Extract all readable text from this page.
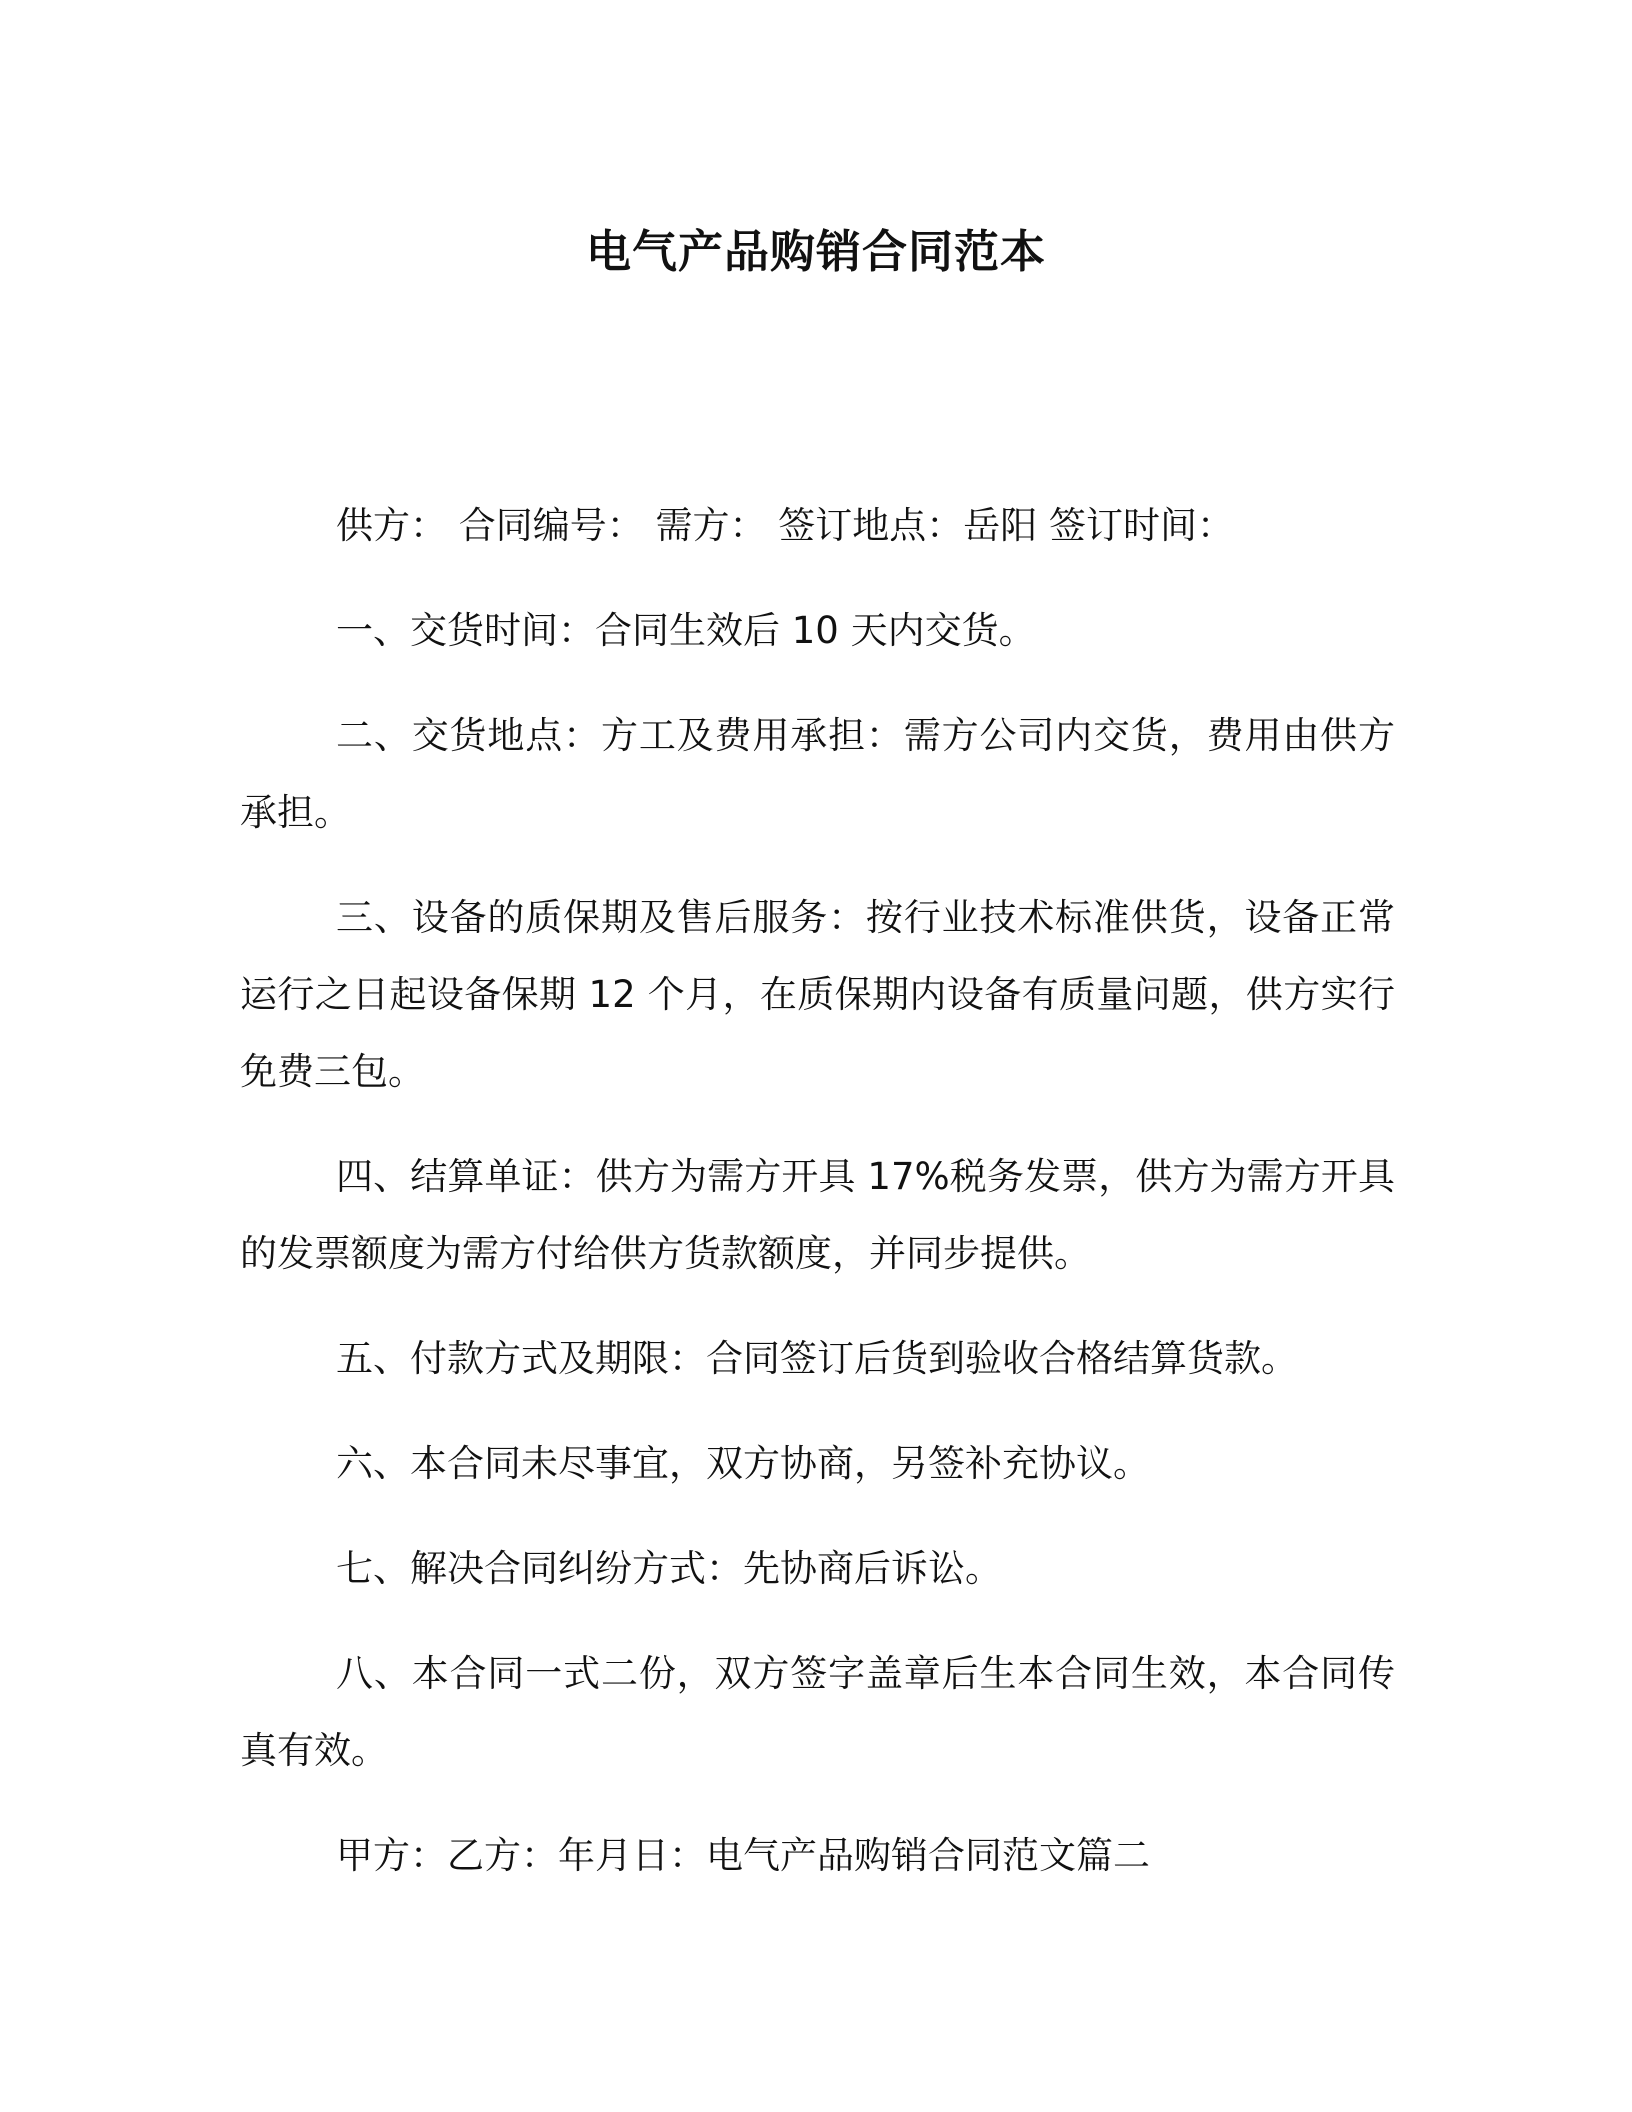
电气产品购销合同范本

供方： 合同编号： 需方： 签订地点：岳阳 签订时间：

一、交货时间：合同生效后 10 天内交货。

二、交货地点：方工及费用承担：需方公司内交货，费用由供方承担。

三、设备的质保期及售后服务：按行业技术标准供货，设备正常运行之日起设备保期 12 个月，在质保期内设备有质量问题，供方实行免费三包。

四、结算单证：供方为需方开具 17%税务发票，供方为需方开具的发票额度为需方付给供方货款额度，并同步提供。

五、付款方式及期限：合同签订后货到验收合格结算货款。

六、本合同未尽事宜，双方协商，另签补充协议。

七、解决合同纠纷方式：先协商后诉讼。

八、本合同一式二份，双方签字盖章后生本合同生效，本合同传真有效。

甲方：乙方：年月日：电气产品购销合同范文篇二
